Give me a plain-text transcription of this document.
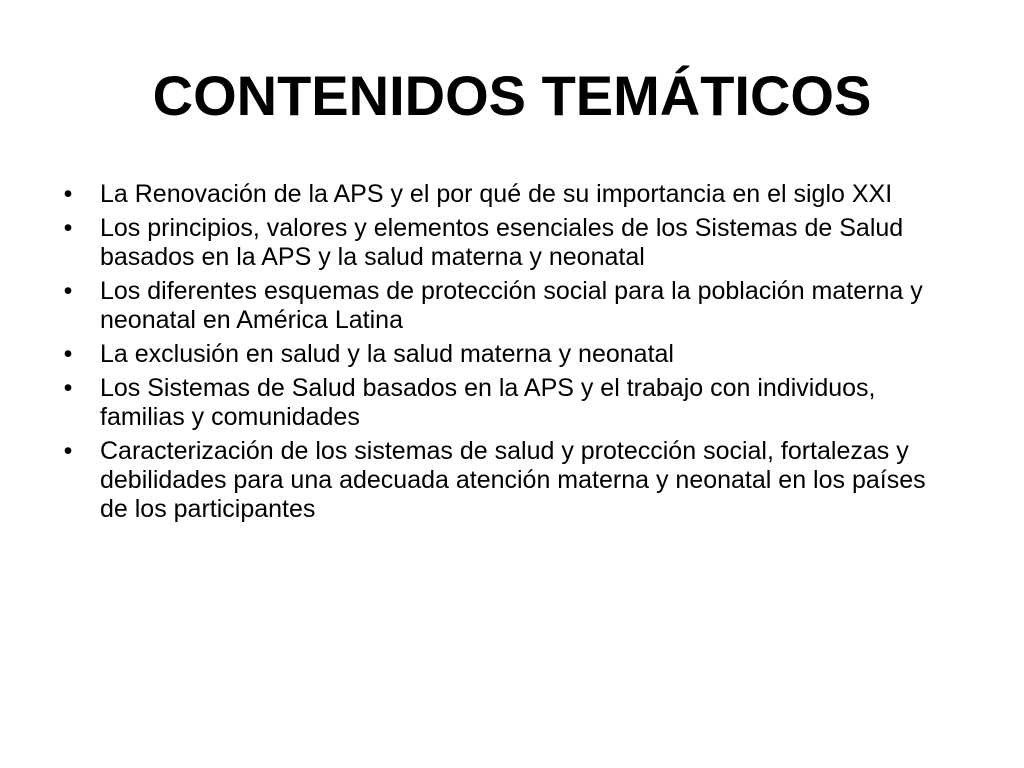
CONTENIDOS TEMÁTICOS
• La Renovación de la APS y el por qué de su importancia en el siglo XXI
• Los principios, valores y elementos esenciales de los Sistemas de Salud basados en la APS y la salud materna y neonatal
• Los diferentes esquemas de protección social para la población materna y neonatal en América Latina
• La exclusión en salud y la salud materna y neonatal
• Los Sistemas de Salud basados en la APS y el trabajo con individuos, familias y comunidades
• Caracterización de los sistemas de salud y protección social, fortalezas y debilidades para una adecuada atención materna y neonatal en los países de los participantes
